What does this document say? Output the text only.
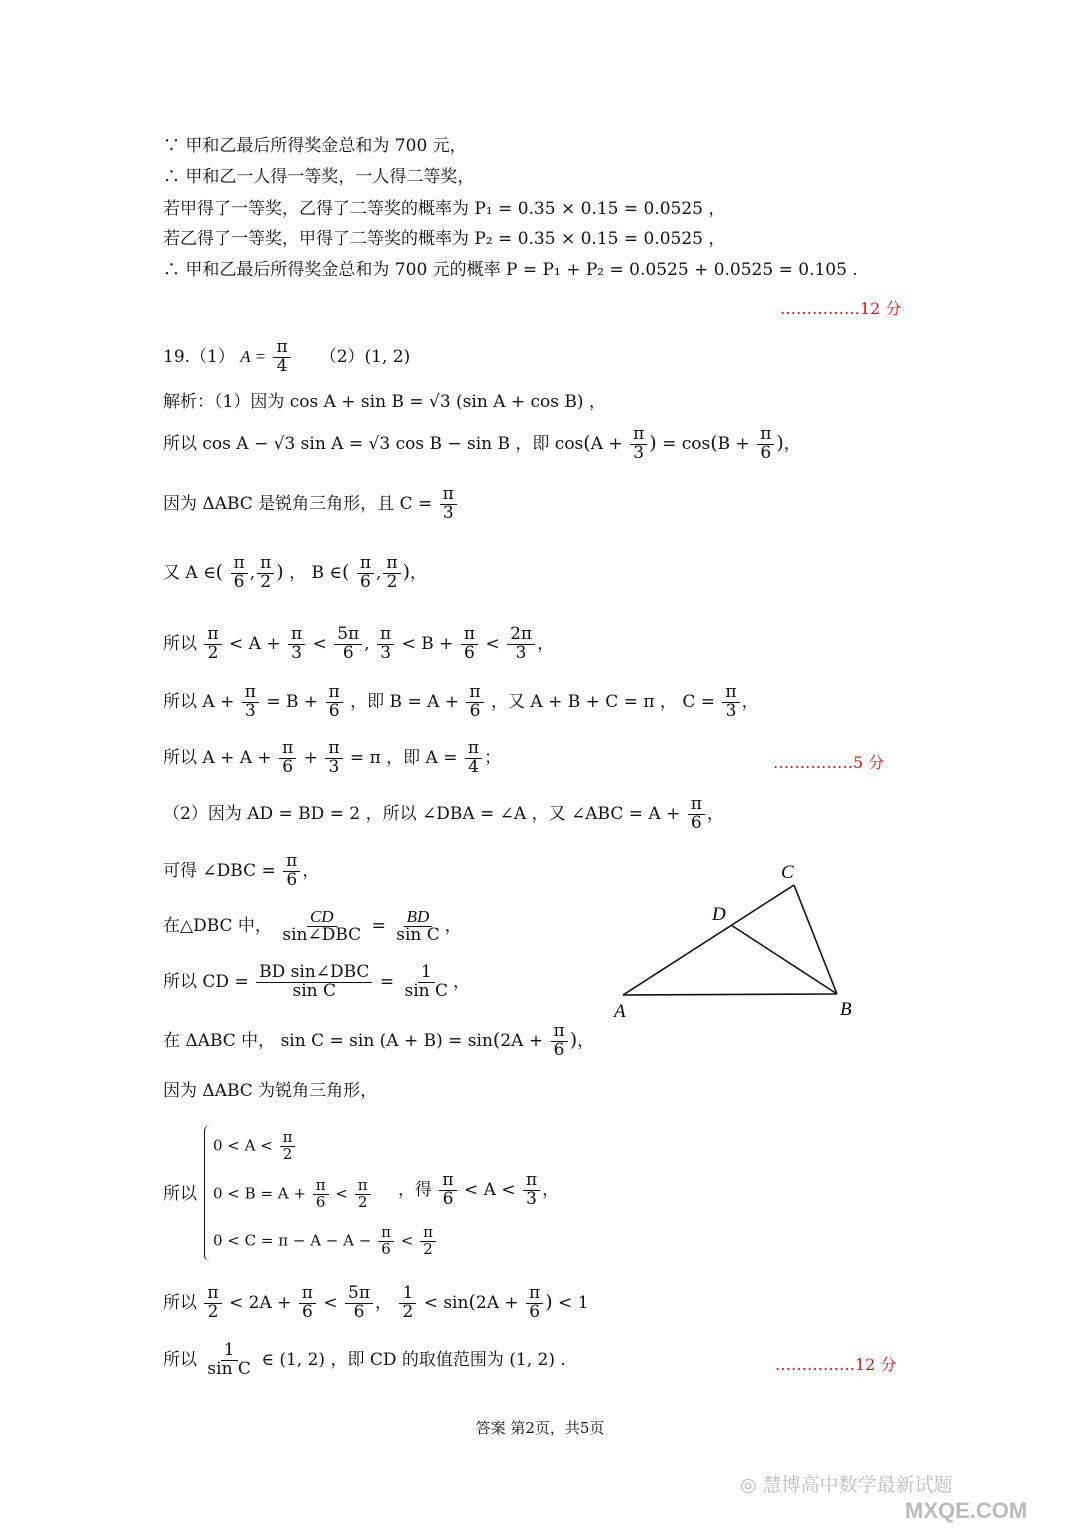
∵ 甲和乙最后所得奖金总和为 700 元，
∴ 甲和乙一人得一等奖，一人得二等奖，
若甲得了一等奖，乙得了二等奖的概率为 P₁ = 0.35 × 0.15 = 0.0525 ，
若乙得了一等奖，甲得了二等奖的概率为 P₂ = 0.35 × 0.15 = 0.0525 ，
∴ 甲和乙最后所得奖金总和为 700 元的概率 P = P₁ + P₂ = 0.0525 + 0.0525 = 0.105 .
……………12 分
19.（1） $A = \frac{\pi}{4} (2)(1$, 2)
解析：（1）因为 cos A + sin B = √3 (sin A + cos B) ，
所以 cos A − √3 sin A = √3 cos B − sin B ，即 $\cos(A + \frac{\pi}{3}$ ) = $\cos(B + \frac{\pi}{6}$ )，
因为 ΔABC 是锐角三角形，且 $C = \frac{\pi}{3}$
又 A ∈( $\frac{\pi}{6}$ , $\frac{\pi}{2}$ ) ， B ∈( $\frac{\pi}{6}$ , $\frac{\pi}{2}$ )，
所以 $\frac{\pi}{2} < A + \frac{\pi}{3} < \frac{5\pi}{6}$ , $\frac{\pi}{3} < B + \frac{\pi}{6} < \frac{2\pi}{3}$ ，
所以 $A + \frac{\pi}{3} = B + \frac{\pi}{6}$ ，即 $B = A + \frac{\pi}{6}$ ，又 A + B + C = π ， $C = \frac{\pi}{3}$ ，
所以 $A + A + \frac{\pi}{6} + \frac{\pi}{3} = \pi$ ，即 $A = \frac{\pi}{4}$ ；	……………5 分
（2）因为 AD = BD = 2 ，所以 ∠DBA = ∠A ，又 ∠ABC = $A + \frac{\pi}{6}$ ，
可得 ∠DBC = $\frac{\pi}{6}$ ，
在△DBC 中， $\frac{CD}{\text{sin∠DBC}} = \frac{BD}{\text{sin C}}$ ，
所以 CD = $\frac{\text{BD sin∠DBC}}{\text{sin C}} = \frac{1}{\text{sin C}}$ ，
在 ΔABC 中， $\sin C = \sin (A + B) = \sin(2A + \frac{\pi}{6}$ )，
因为 ΔABC 为锐角三角形，
所以
$0 < A < \frac{\pi}{2}$
$0 < B = A + \frac{\pi}{6} < \frac{\pi}{2}$
$0 < C = \pi - A - A - \frac{\pi}{6} < \frac{\pi}{2}$
，得 $\frac{\pi}{6} < A < \frac{\pi}{3}$ ，
所以 $\frac{\pi}{2} < 2A + \frac{\pi}{6} < \frac{5\pi}{6}$ ， $\frac{1}{2} < \sin(2A + \frac{\pi}{6}$ ) < 1
所以 $\frac{1}{\text{sin C}}$ ∈ (1, 2) ，即 CD 的取值范围为 (1, 2) .	……………12 分
A	B
C
D
答案 第2页，共5页
◎ 慧博高中数学最新试题
MXQE.COM
